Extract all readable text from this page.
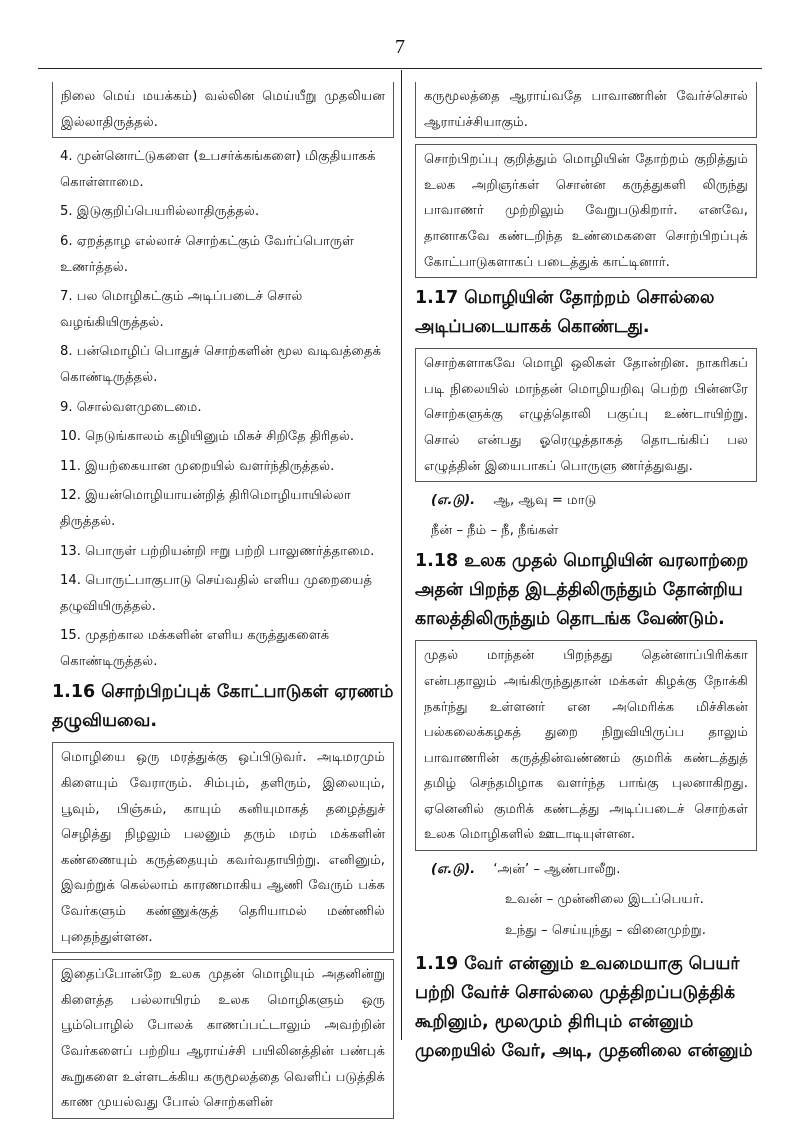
7
நிலை மெய் மயக்கம்) வல்லின மெய்யீறு முதலியன இல்லாதிருத்தல்.
4. முன்னொட்டுகளை (உபசர்க்கங்களை) மிகுதியாகக் கொள்ளாமை.
5. இடுகுறிப்பெயரில்லாதிருத்தல்.
6. ஏறத்தாழ எல்லாச் சொற்கட்கும் வேர்ப்பொருள் உணர்த்தல்.
7. பல மொழிகட்கும் அடிப்படைச் சொல் வழங்கியிருத்தல்.
8. பன்மொழிப் பொதுச் சொற்களின் மூல வடிவத்தைக் கொண்டிருத்தல்.
9. சொல்வளமுடைமை.
10. நெடுங்காலம் கழியினும் மிகச் சிறிதே திரிதல்.
11. இயற்கையான முறையில் வளர்ந்திருத்தல்.
12. இயன்மொழியாயன்றித் திரிமொழியாயில்லா திருத்தல்.
13. பொருள் பற்றியன்றி ஈறு பற்றி பாலுணர்த்தாமை.
14. பொருட்பாகுபாடு செய்வதில் எளிய முறையைத் தழுவியிருத்தல்.
15. முதற்கால மக்களின் எளிய கருத்துகளைக் கொண்டிருத்தல்.
1.16 சொற்பிறப்புக் கோட்பாடுகள் ஏரணம் தழுவியவை.
மொழியை ஒரு மரத்துக்கு ஒப்பிடுவர். அடிமரமும் கிளையும் வேராரும். சிம்பும், தளிரும், இலையும், பூவும், பிஞ்சும், காயும் கனியுமாகத் தழைத்துச் செழித்து நிழலும் பலனும் தரும் மரம் மக்களின் கண்ணையும் கருத்தையும் கவர்வதாயிற்று. எனினும், இவற்றுக் கெல்லாம் காரணமாகிய ஆணி வேரும் பக்க வேர்களும் கண்ணுக்குத் தெரியாமல் மண்ணில் புதைந்துள்ளன.
இதைப்போன்றே உலக முதன் மொழியும் அதனின்று கிளைத்த பல்லாயிரம் உலக மொழிகளும் ஒரு பூம்பொழில் போலக் காணப்பட்டாலும் அவற்றின் வேர்களைப் பற்றிய ஆராய்ச்சி பயிலினத்தின் பண்புக் கூறுகளை உள்ளடக்கிய கருமூலத்தை வெளிப் படுத்திக் காண முயல்வது போல் சொற்களின்
கருமூலத்தை ஆராய்வதே பாவாணரின் வேர்ச்சொல் ஆராய்ச்சியாகும்.
சொற்பிறப்பு குறித்தும் மொழியின் தோற்றம் குறித்தும் உலக அறிஞர்கள் சொன்ன கருத்துகளி லிருந்து பாவாணர் முற்றிலும் வேறுபடுகிறார். எனவே, தானாகவே கண்டறிந்த உண்மைகளை சொற்பிறப்புக் கோட்பாடுகளாகப் படைத்துக் காட்டினார்.
1.17 மொழியின் தோற்றம் சொல்லை அடிப்படையாகக் கொண்டது.
சொற்களாகவே மொழி ஒலிகள் தோன்றின. நாகரிகப் படி நிலையில் மாந்தன் மொழியறிவு பெற்ற பின்னரே சொற்களுக்கு எழுத்தொலி பகுப்பு உண்டாயிற்று. சொல் என்பது ஓரெழுத்தாகத் தொடங்கிப் பல எழுத்தின் இயைபாகப் பொருளு ணர்த்துவது.
(எ.டு). ஆ, ஆவு = மாடு
நீன் – நீம் – நீ, நீங்கள்
1.18 உலக முதல் மொழியின் வரலாற்றை அதன் பிறந்த இடத்திலிருந்தும் தோன்றிய காலத்திலிருந்தும் தொடங்க வேண்டும்.
முதல் மாந்தன் பிறந்தது தென்னாப்பிரிக்கா என்பதாலும் அங்கிருந்துதான் மக்கள் கிழக்கு நோக்கி நகர்ந்து உள்ளனர் என அமெரிக்க மிச்சிகன் பல்கலைக்கழகத் துறை நிறுவியிருப்ப தாலும் பாவாணரின் கருத்தின்வண்ணம் குமரிக் கண்டத்துத் தமிழ் செந்தமிழாக வளர்ந்த பாங்கு புலனாகிறது. ஏனெனில் குமரிக் கண்டத்து அடிப்படைச் சொற்கள் உலக மொழிகளில் ஊடாடியுள்ளன.
(எ.டு). ‘அன்’ – ஆண்பாலீறு.
உவன் – முன்னிலை இடப்பெயர்.
உந்து – செய்யுந்து – வினைமுற்று.
1.19 வேர் என்னும் உவமையாகு பெயர் பற்றி வேர்ச் சொல்லை முத்திறப்படுத்திக் கூறினும், மூலமும் திரிபும் என்னும் முறையில் வேர், அடி, முதனிலை என்னும்
